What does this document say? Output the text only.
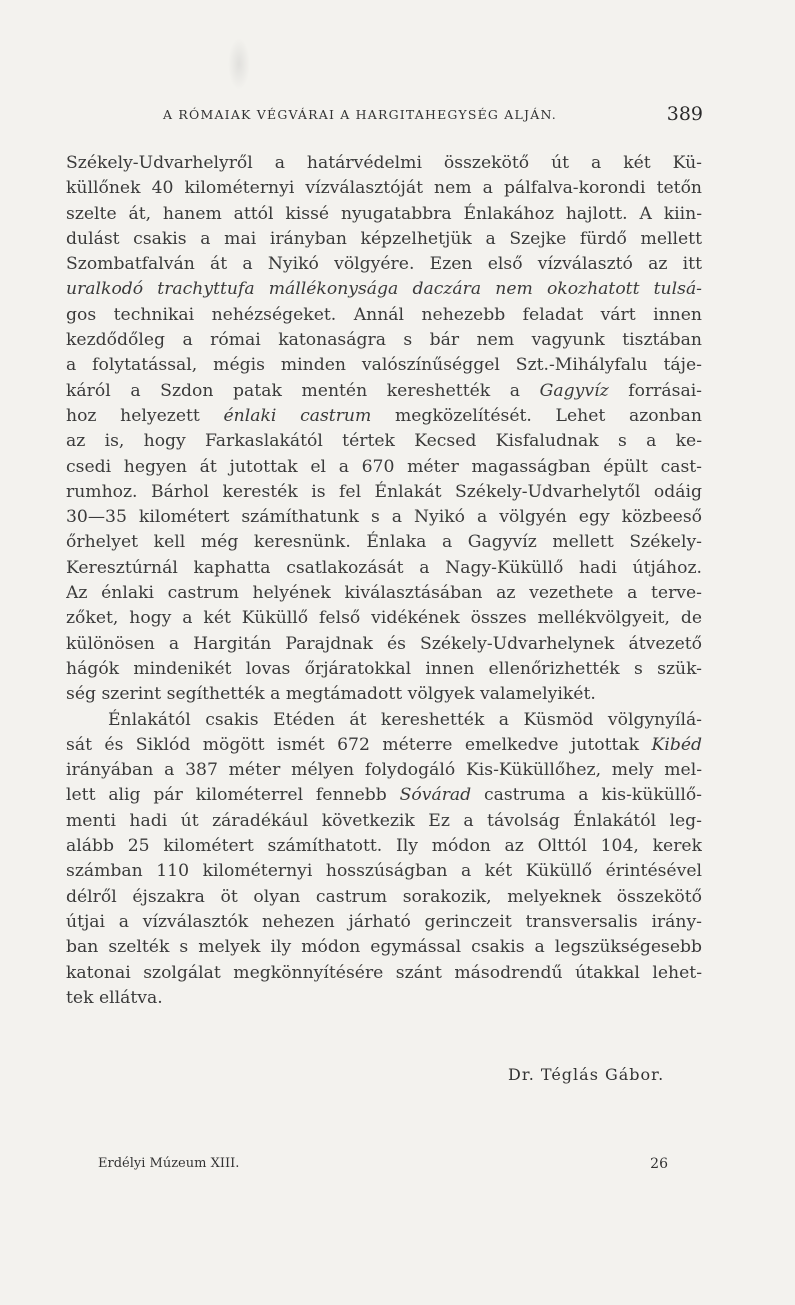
A RÓMAIAK VÉGVÁRAI A HARGITAHEGYSÉG ALJÁN.	389
Székely-Udvarhelyről a határvédelmi összekötő út a két Kü-
küllőnek 40 kilométernyi vízválasztóját nem a pálfalva-korondi tetőn
szelte át, hanem attól kissé nyugatabbra Énlakához hajlott. A kiin-
dulást csakis a mai irányban képzelhetjük a Szejke fürdő mellett
Szombatfalván át a Nyikó völgyére. Ezen első vízválasztó az itt
uralkodó trachyttufa mállékonysága daczára nem okozhatott tulsá-
gos technikai nehézségeket. Annál nehezebb feladat várt innen
kezdődőleg a római katonaságra s bár nem vagyunk tisztában
a folytatással, mégis minden valószínűséggel Szt.-Mihályfalu táje-
káról a Szdon patak mentén kereshették a Gagyvíz forrásai-
hoz helyezett énlaki castrum megközelítését. Lehet azonban
az is, hogy Farkaslakától tértek Kecsed Kisfaludnak s a ke-
csedi hegyen át jutottak el a 670 méter magasságban épült cast-
rumhoz. Bárhol keresték is fel Énlakát Székely-Udvarhelytől odáig
30—35 kilométert számíthatunk s a Nyikó a völgyén egy közbeeső
őrhelyet kell még keresnünk. Énlaka a Gagyvíz mellett Székely-
Keresztúrnál kaphatta csatlakozását a Nagy-Küküllő hadi útjához.
Az énlaki castrum helyének kiválasztásában az vezethete a terve-
zőket, hogy a két Küküllő felső vidékének összes mellékvölgyeit, de
különösen a Hargitán Parajdnak és Székely-Udvarhelynek átvezető
hágók mindenikét lovas őrjáratokkal innen ellenőrizhették s szük-
ség szerint segíthették a megtámadott völgyek valamelyikét.
Énlakától csakis Etéden át kereshették a Küsmöd völgynyílá-
sát és Siklód mögött ismét 672 méterre emelkedve jutottak Kibéd
irányában a 387 méter mélyen folydogáló Kis-Küküllőhez, mely mel-
lett alig pár kilométerrel fennebb Sóvárad castruma a kis-küküllő-
menti hadi út záradékául következik Ez a távolság Énlakától leg-
alább 25 kilométert számíthatott. Ily módon az Olttól 104, kerek
számban 110 kilométernyi hosszúságban a két Küküllő érintésével
délről éjszakra öt olyan castrum sorakozik, melyeknek összekötő
útjai a vízválasztók nehezen járható gerinczeit transversalis irány-
ban szelték s melyek ily módon egymással csakis a legszükségesebb
katonai szolgálat megkönnyítésére szánt másodrendű útakkal lehet-
tek ellátva.
Dr. Téglás Gábor.
Erdélyi Múzeum XIII.	26
